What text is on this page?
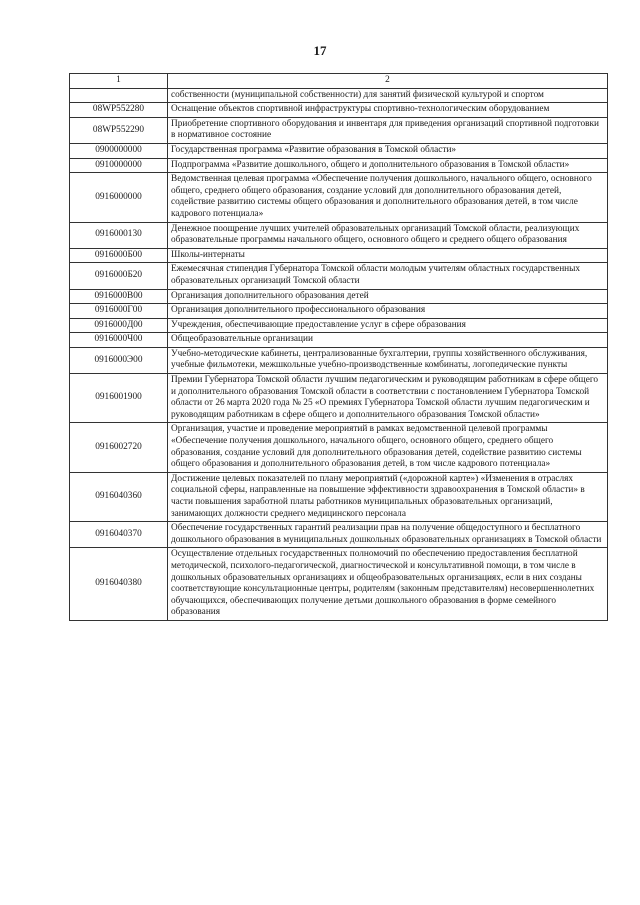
17
1	2
	собственности (муниципальной собственности) для занятий физической культурой и спортом
08WP552280	Оснащение объектов спортивной инфраструктуры спортивно-технологическим оборудованием
08WP552290	Приобретение спортивного оборудования и инвентаря для приведения организаций спортивной подготовки в нормативное состояние
0900000000	Государственная программа «Развитие образования в Томской области»
0910000000	Подпрограмма «Развитие дошкольного, общего и дополнительного образования в Томской области»
0916000000	Ведомственная целевая программа «Обеспечение получения дошкольного, начального общего, основного общего, среднего общего образования, создание условий для дополнительного образования детей, содействие развитию системы общего образования и дополнительного образования детей, в том числе кадрового потенциала»
0916000130	Денежное поощрение лучших учителей образовательных организаций Томской области, реализующих образовательные программы начального общего, основного общего и среднего общего образования
0916000Б00	Школы-интернаты
0916000Б20	Ежемесячная стипендия Губернатора Томской области молодым учителям областных государственных образовательных организаций Томской области
0916000В00	Организация дополнительного образования детей
0916000Г00	Организация дополнительного профессионального образования
0916000Д00	Учреждения, обеспечивающие предоставление услуг в сфере образования
0916000Ч00	Общеобразовательные организации
0916000Э00	Учебно-методические кабинеты, централизованные бухгалтерии, группы хозяйственного обслуживания, учебные фильмотеки, межшкольные учебно-производственные комбинаты, логопедические пункты
0916001900	Премии Губернатора Томской области лучшим педагогическим и руководящим работникам в сфере общего и дополнительного образования Томской области в соответствии с постановлением Губернатора Томской области от 26 марта 2020 года № 25 «О премиях Губернатора Томской области лучшим педагогическим и руководящим работникам в сфере общего и дополнительного образования Томской области»
0916002720	Организация, участие и проведение мероприятий в рамках ведомственной целевой программы «Обеспечение получения дошкольного, начального общего, основного общего, среднего общего образования, создание условий для дополнительного образования детей, содействие развитию системы общего образования и дополнительного образования детей, в том числе кадрового потенциала»
0916040360	Достижение целевых показателей по плану мероприятий («дорожной карте») «Изменения в отраслях социальной сферы, направленные на повышение эффективности здравоохранения в Томской области» в части повышения заработной платы работников муниципальных образовательных организаций, занимающих должности среднего медицинского персонала
0916040370	Обеспечение государственных гарантий реализации прав на получение общедоступного и бесплатного дошкольного образования в муниципальных дошкольных образовательных организациях в Томской области
0916040380	Осуществление отдельных государственных полномочий по обеспечению предоставления бесплатной методической, психолого-педагогической, диагностической и консультативной помощи, в том числе в дошкольных образовательных организациях и общеобразовательных организациях, если в них созданы соответствующие консультационные центры, родителям (законным представителям) несовершеннолетних обучающихся, обеспечивающих получение детьми дошкольного образования в форме семейного образования
